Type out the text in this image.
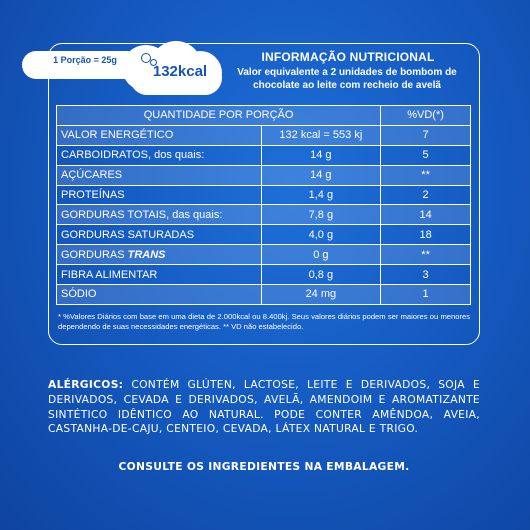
1 Porção = 25g
132kcal
INFORMAÇÃO NUTRICIONAL
Valor equivalente a 2 unidades de bombom de
chocolate ao leite com recheio de avelã
QUANTIDADE POR PORÇÃO		%VD(*)
VALOR ENERGÉTICO	132 kcal = 553 kj	7
CARBOIDRATOS, dos quais:	14 g	5
AÇÚCARES	14 g	**
PROTEÍNAS	1,4 g	2
GORDURAS TOTAIS, das quais:	7,8 g	14
GORDURAS SATURADAS	4,0 g	18
GORDURAS TRANS	0 g	**
FIBRA ALIMENTAR	0,8 g	3
SÓDIO	24 mg	1
* %Valores Diários com base em uma dieta de 2.000kcal ou 8.400kj. Seus valores diários podem ser maiores ou menores dependendo de suas necessidades energéticas. ** VD não estabelecido.
ALÉRGICOS: CONTÉM GLÚTEN, LACTOSE, LEITE E DERIVADOS, SOJA E DERIVADOS, CEVADA E DERIVADOS, AVELÃ, AMENDOIM E AROMATIZANTE SINTÉTICO IDÊNTICO AO NATURAL. PODE CONTER AMÊNDOA, AVEIA, CASTANHA-DE-CAJU, CENTEIO, CEVADA, LÁTEX NATURAL E TRIGO.
CONSULTE OS INGREDIENTES NA EMBALAGEM.
